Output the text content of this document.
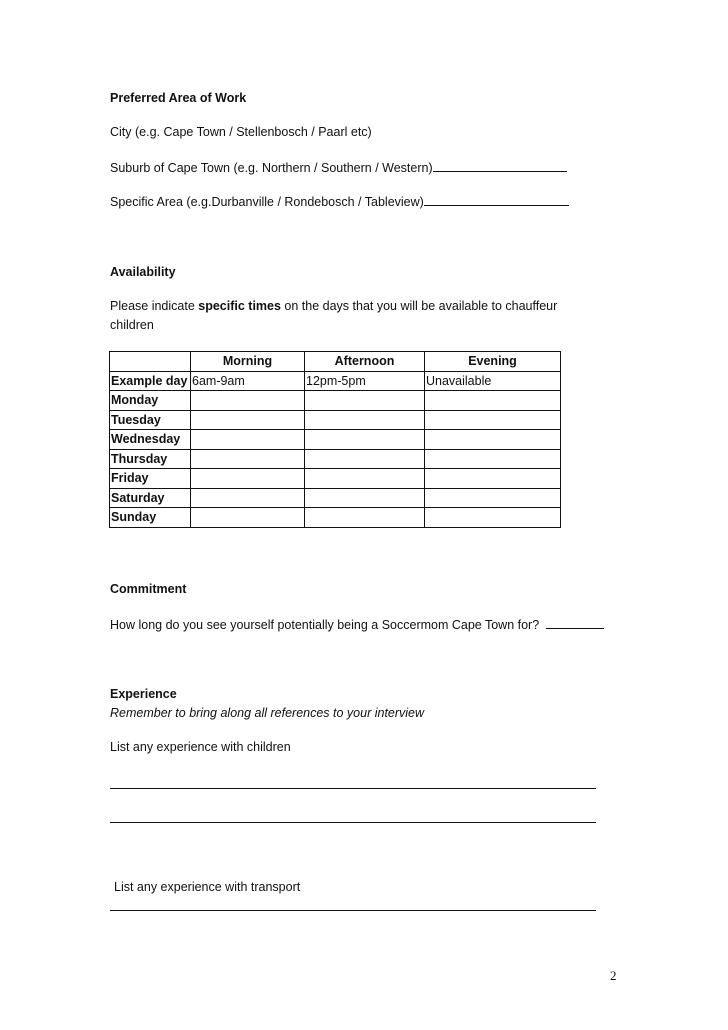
Preferred Area of Work
City (e.g. Cape Town / Stellenbosch / Paarl etc)
Suburb of Cape Town (e.g. Northern / Southern / Western)
Specific Area (e.g.Durbanville / Rondebosch / Tableview)
Availability
Please indicate specific times on the days that you will be available to chauffeur
children
	Morning	Afternoon	Evening
Example day	6am-9am	12pm-5pm	Unavailable
Monday			
Tuesday			
Wednesday			
Thursday			
Friday			
Saturday			
Sunday			
Commitment
How long do you see yourself potentially being a Soccermom Cape Town for?
Experience
Remember to bring along all references to your interview
List any experience with children
List any experience with transport
2
